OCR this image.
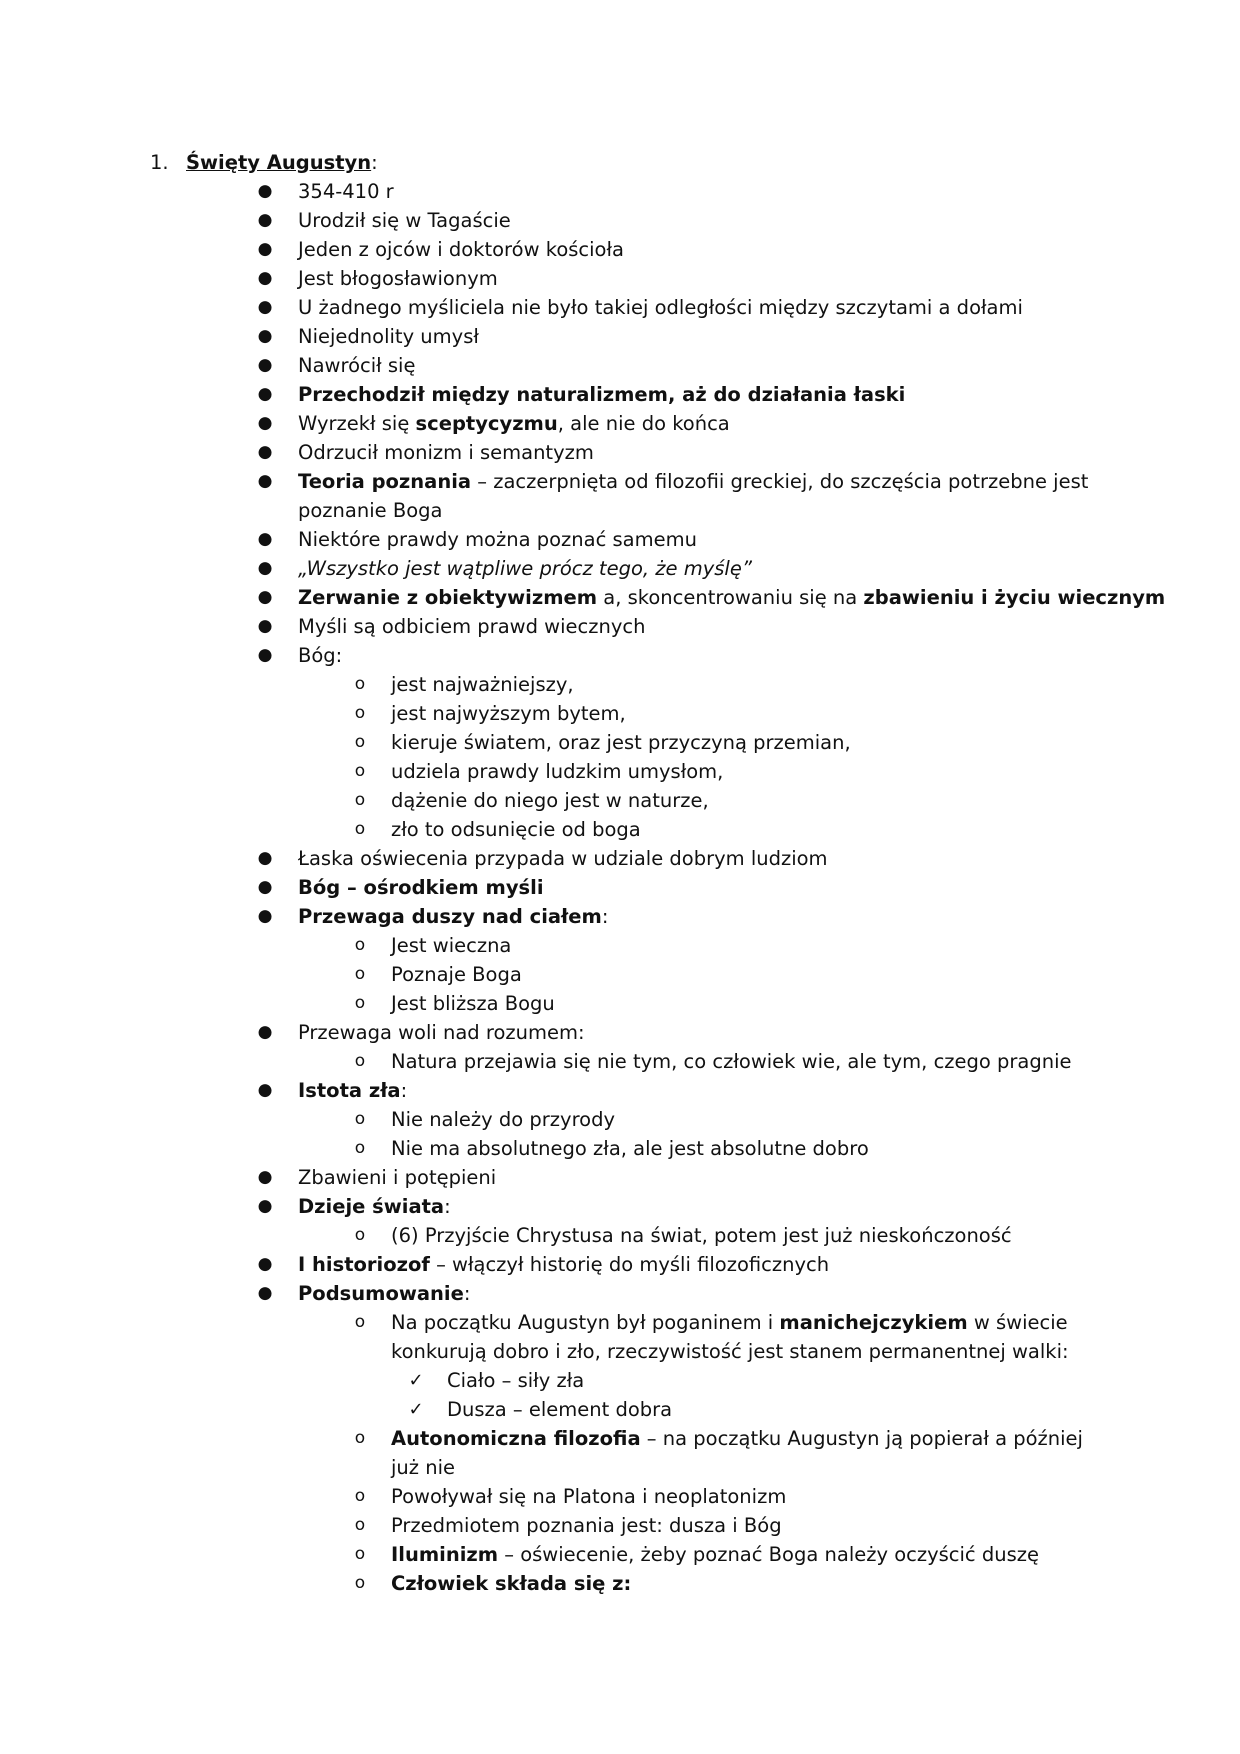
1. Święty Augustyn:
● 354-410 r
● Urodził się w Tagaście
● Jeden z ojców i doktorów kościoła
● Jest błogosławionym
● U żadnego myśliciela nie było takiej odległości między szczytami a dołami
● Niejednolity umysł
● Nawrócił się
● Przechodził między naturalizmem, aż do działania łaski
● Wyrzekł się sceptycyzmu, ale nie do końca
● Odrzucił monizm i semantyzm
● Teoria poznania – zaczerpnięta od filozofii greckiej, do szczęścia potrzebne jest poznanie Boga
● Niektóre prawdy można poznać samemu
● „Wszystko jest wątpliwe prócz tego, że myślę”
● Zerwanie z obiektywizmem a, skoncentrowaniu się na zbawieniu i życiu wiecznym
● Myśli są odbiciem prawd wiecznych
● Bóg:
o jest najważniejszy,
o jest najwyższym bytem,
o kieruje światem, oraz jest przyczyną przemian,
o udziela prawdy ludzkim umysłom,
o dążenie do niego jest w naturze,
o zło to odsunięcie od boga
● Łaska oświecenia przypada w udziale dobrym ludziom
● Bóg – ośrodkiem myśli
● Przewaga duszy nad ciałem:
o Jest wieczna
o Poznaje Boga
o Jest bliższa Bogu
● Przewaga woli nad rozumem:
o Natura przejawia się nie tym, co człowiek wie, ale tym, czego pragnie
● Istota zła:
o Nie należy do przyrody
o Nie ma absolutnego zła, ale jest absolutne dobro
● Zbawieni i potępieni
● Dzieje świata:
o (6) Przyjście Chrystusa na świat, potem jest już nieskończoność
● I historiozof – włączył historię do myśli filozoficznych
● Podsumowanie:
o Na początku Augustyn był poganinem i manichejczykiem w świecie konkurują dobro i zło, rzeczywistość jest stanem permanentnej walki:
✓ Ciało – siły zła
✓ Dusza – element dobra
o Autonomiczna filozofia – na początku Augustyn ją popierał a później już nie
o Powoływał się na Platona i neoplatonizm
o Przedmiotem poznania jest: dusza i Bóg
o Iluminizm – oświecenie, żeby poznać Boga należy oczyścić duszę
o Człowiek składa się z:
